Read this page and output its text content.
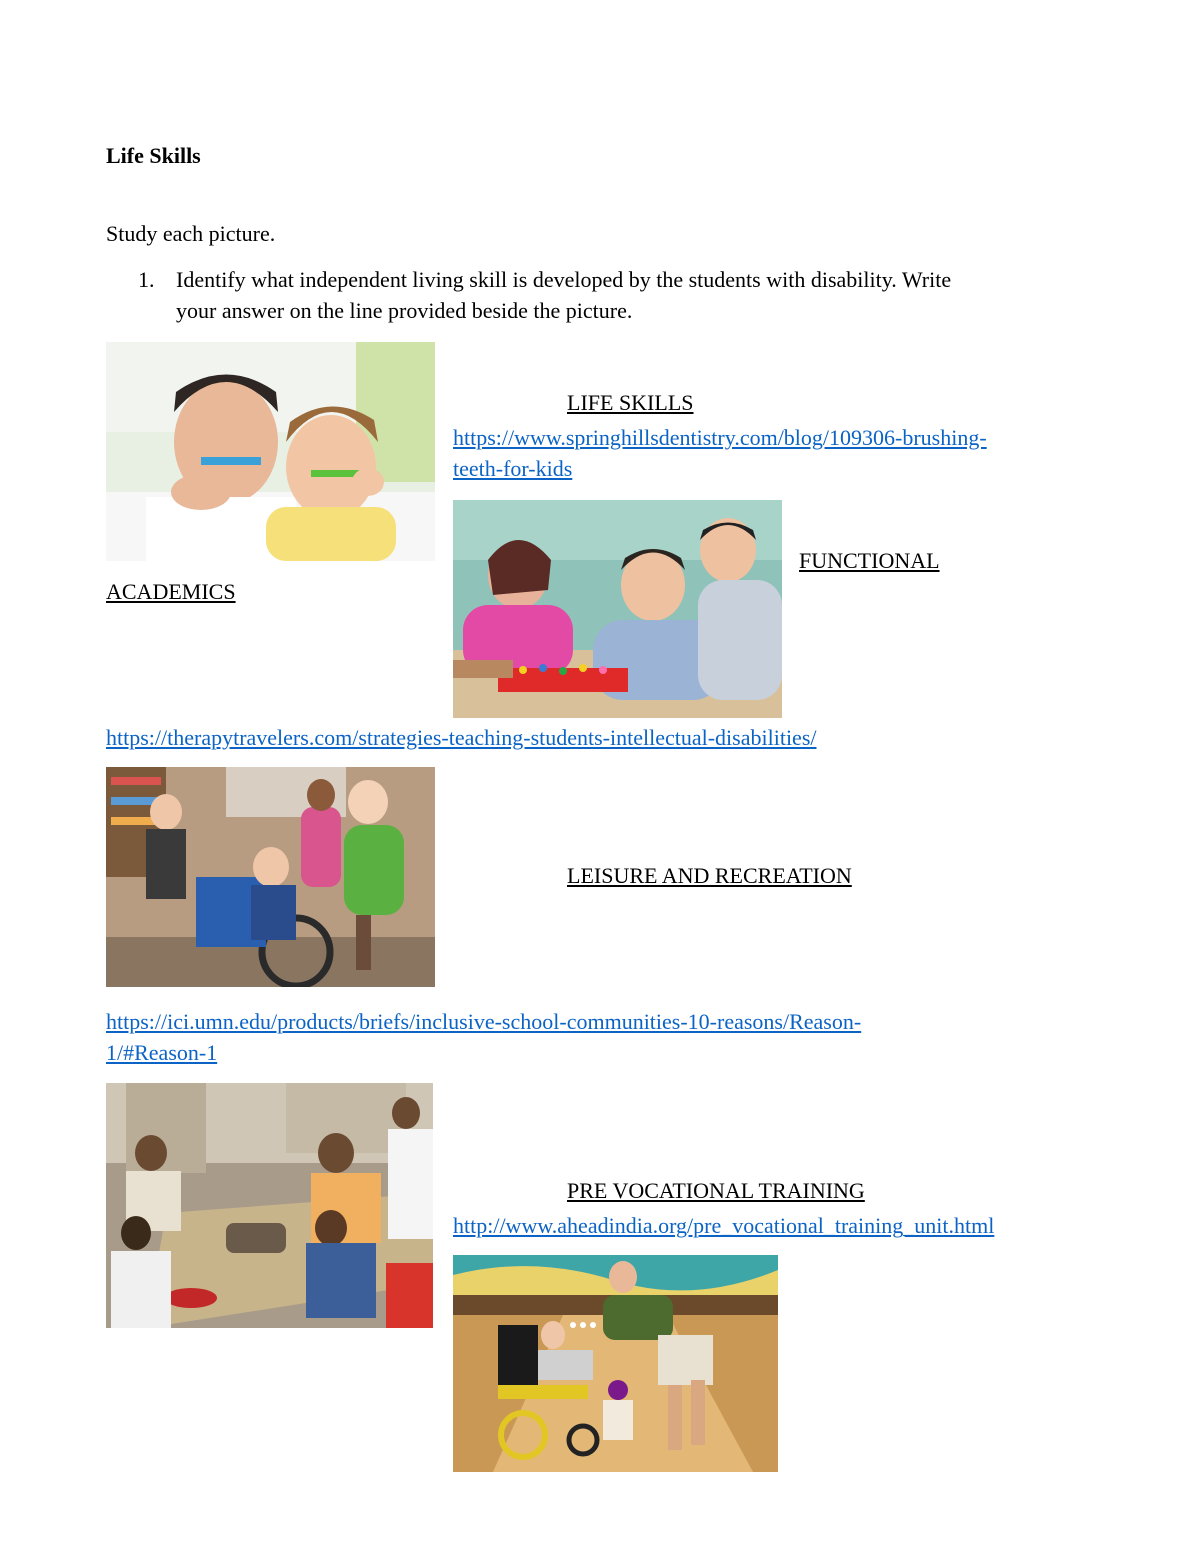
Life Skills
Study each picture.
1. Identify what independent living skill is developed by the students with disability. Write
your answer on the line provided beside the picture.
LIFE SKILLS
https://www.springhillsdentistry.com/blog/109306-brushing-
teeth-for-kids
FUNCTIONAL
ACADEMICS
https://therapytravelers.com/strategies-teaching-students-intellectual-disabilities/
LEISURE AND RECREATION
https://ici.umn.edu/products/briefs/inclusive-school-communities-10-reasons/Reason-
1/#Reason-1
PRE VOCATIONAL TRAINING
http://www.aheadindia.org/pre_vocational_training_unit.html
